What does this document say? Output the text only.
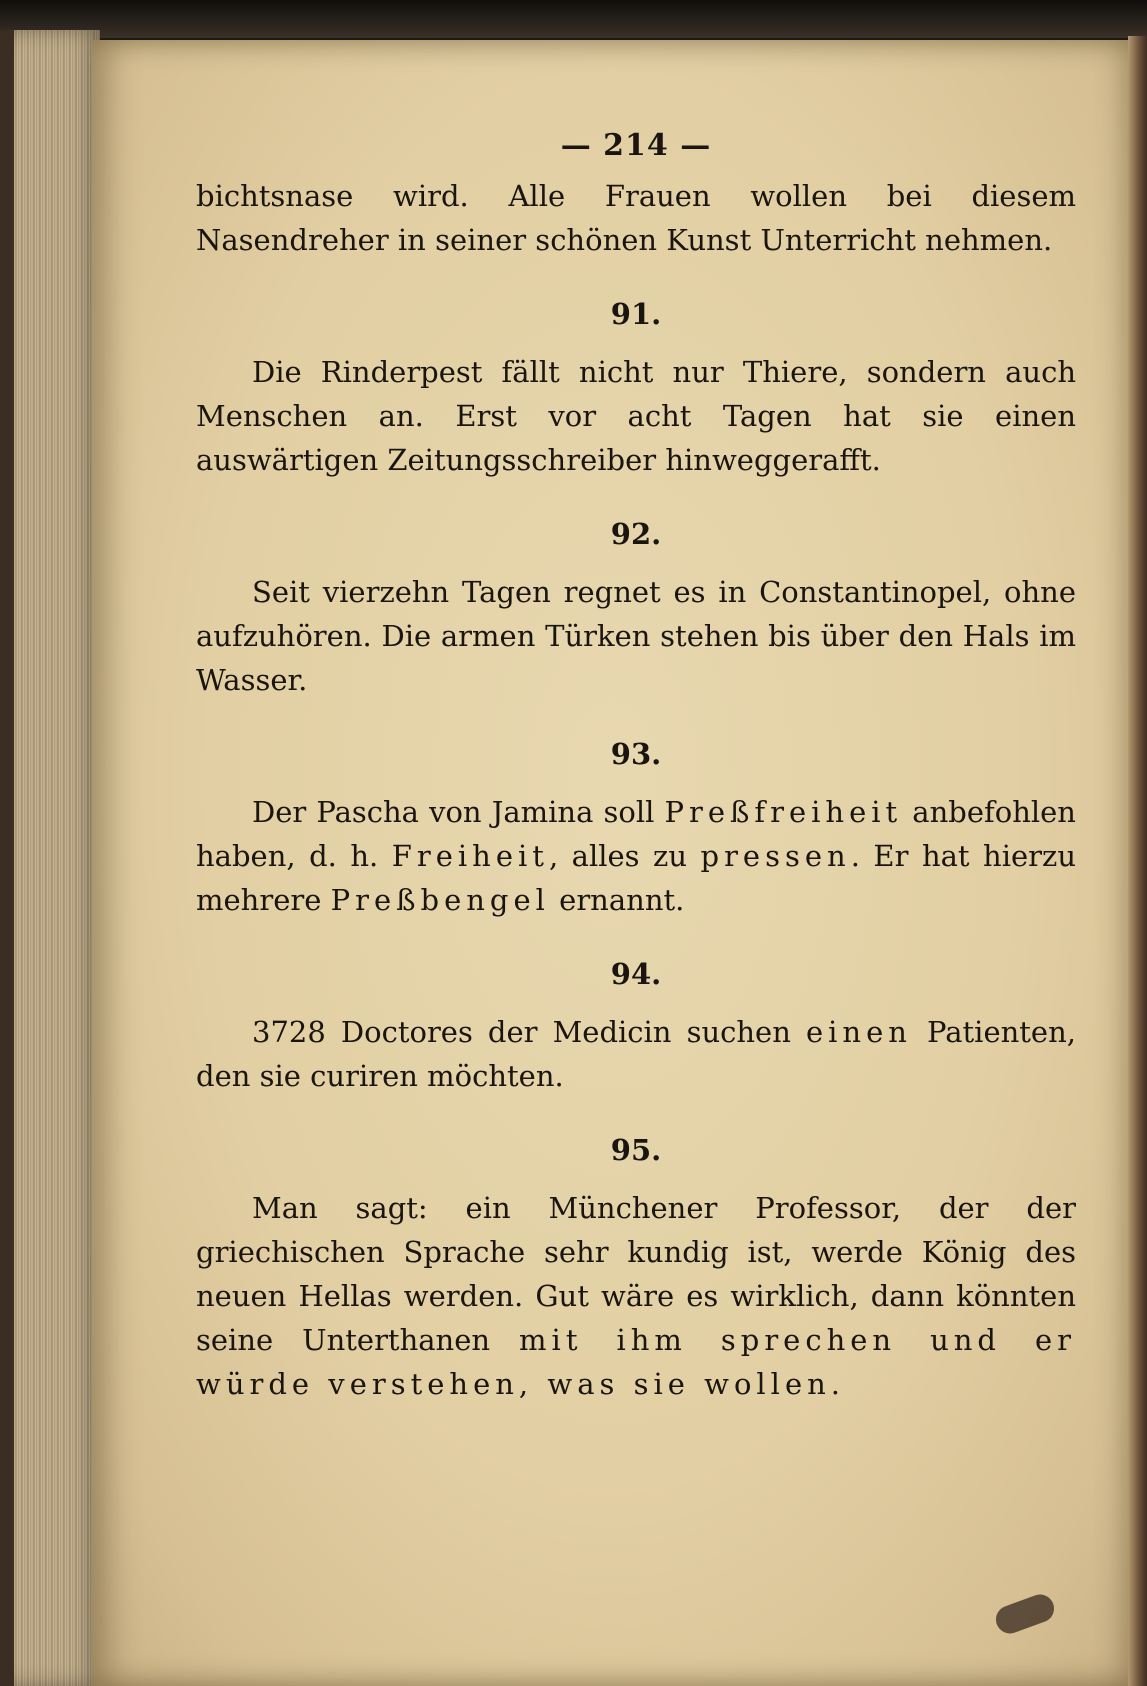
— 214 —

bichtsnase wird. Alle Frauen wollen bei diesem Nasendreher in seiner schönen Kunst Unterricht nehmen.

91.

Die Rinderpest fällt nicht nur Thiere, sondern auch Menschen an. Erst vor acht Tagen hat sie einen auswärtigen Zeitungsschreiber hinweggerafft.

92.

Seit vierzehn Tagen regnet es in Constantinopel, ohne aufzuhören. Die armen Türken stehen bis über den Hals im Wasser.

93.

Der Pascha von Jamina soll Preßfreiheit anbefohlen haben, d. h. Freiheit, alles zu pressen. Er hat hierzu mehrere Preßbengel ernannt.

94.

3728 Doctores der Medicin suchen einen Patienten, den sie curiren möchten.

95.

Man sagt: ein Münchener Professor, der der griechischen Sprache sehr kundig ist, werde König des neuen Hellas werden. Gut wäre es wirklich, dann könnten seine Unterthanen mit ihm sprechen und er würde verstehen, was sie wollen.
